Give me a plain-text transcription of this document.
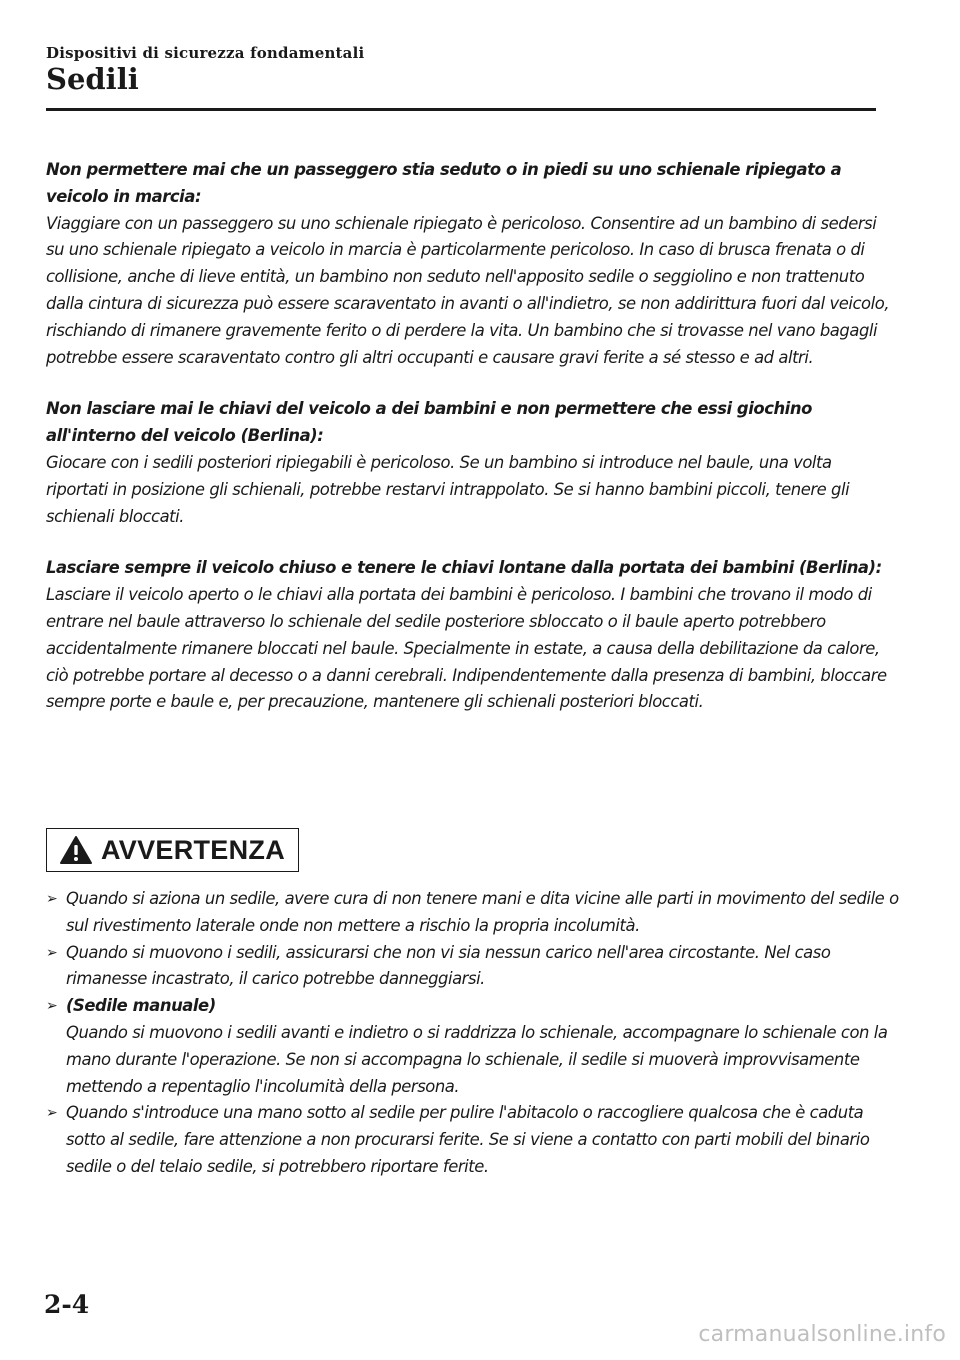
Dispositivi di sicurezza fondamentali
Sedili

Non permettere mai che un passeggero stia seduto o in piedi su uno schienale ripiegato a veicolo in marcia:

Viaggiare con un passeggero su uno schienale ripiegato è pericoloso. Consentire ad un bambino di sedersi su uno schienale ripiegato a veicolo in marcia è particolarmente pericoloso. In caso di brusca frenata o di collisione, anche di lieve entità, un bambino non seduto nell'apposito sedile o seggiolino e non trattenuto dalla cintura di sicurezza può essere scaraventato in avanti o all'indietro, se non addirittura fuori dal veicolo, rischiando di rimanere gravemente ferito o di perdere la vita. Un bambino che si trovasse nel vano bagagli potrebbe essere scaraventato contro gli altri occupanti e causare gravi ferite a sé stesso e ad altri.

Non lasciare mai le chiavi del veicolo a dei bambini e non permettere che essi giochino all'interno del veicolo (Berlina):

Giocare con i sedili posteriori ripiegabili è pericoloso. Se un bambino si introduce nel baule, una volta riportati in posizione gli schienali, potrebbe restarvi intrappolato. Se si hanno bambini piccoli, tenere gli schienali bloccati.

Lasciare sempre il veicolo chiuso e tenere le chiavi lontane dalla portata dei bambini (Berlina):

Lasciare il veicolo aperto o le chiavi alla portata dei bambini è pericoloso. I bambini che trovano il modo di entrare nel baule attraverso lo schienale del sedile posteriore sbloccato o il baule aperto potrebbero accidentalmente rimanere bloccati nel baule. Specialmente in estate, a causa della debilitazione da calore, ciò potrebbe portare al decesso o a danni cerebrali. Indipendentemente dalla presenza di bambini, bloccare sempre porte e baule e, per precauzione, mantenere gli schienali posteriori bloccati.

AVVERTENZA
➢ Quando si aziona un sedile, avere cura di non tenere mani e dita vicine alle parti in movimento del sedile o sul rivestimento laterale onde non mettere a rischio la propria incolumità.
➢ Quando si muovono i sedili, assicurarsi che non vi sia nessun carico nell'area circostante. Nel caso rimanesse incastrato, il carico potrebbe danneggiarsi.
➢ (Sedile manuale)
Quando si muovono i sedili avanti e indietro o si raddrizza lo schienale, accompagnare lo schienale con la mano durante l'operazione. Se non si accompagna lo schienale, il sedile si muoverà improvvisamente mettendo a repentaglio l'incolumità della persona.
➢ Quando s'introduce una mano sotto al sedile per pulire l'abitacolo o raccogliere qualcosa che è caduta sotto al sedile, fare attenzione a non procurarsi ferite. Se si viene a contatto con parti mobili del binario sedile o del telaio sedile, si potrebbero riportare ferite.
2-4
carmanualsonline.info
